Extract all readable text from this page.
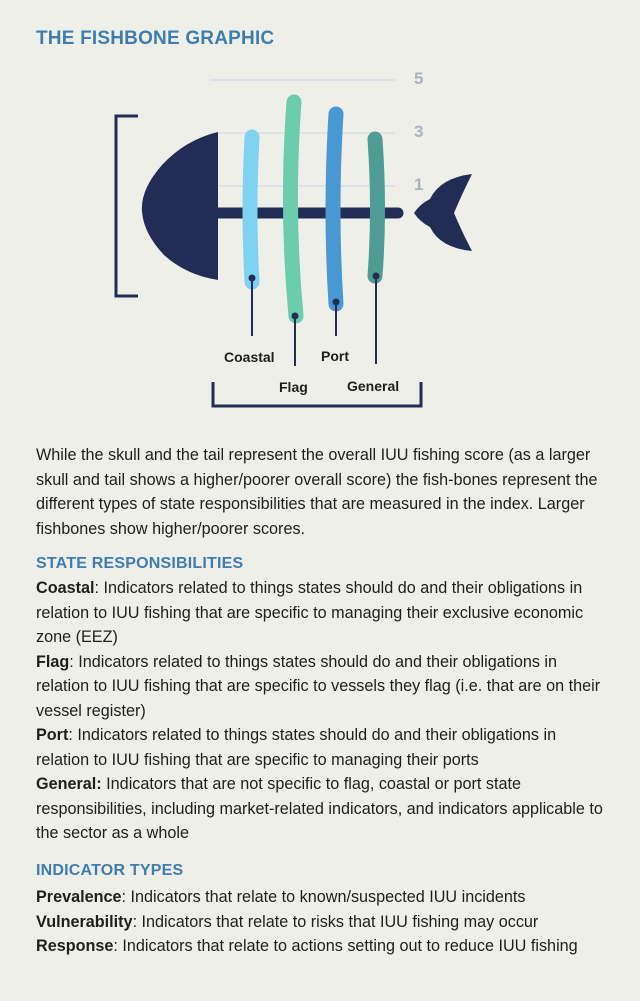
THE FISHBONE GRAPHIC
5
3
1
Coastal
Flag
Port
General
While the skull and the tail represent the overall IUU fishing score (as a larger skull and tail shows a higher/poorer overall score) the fish-bones represent the different types of state responsibilities that are measured in the index. Larger fishbones show higher/poorer scores.
STATE RESPONSIBILITIES
Coastal: Indicators related to things states should do and their obligations in relation to IUU fishing that are specific to managing their exclusive economic zone (EEZ)
Flag: Indicators related to things states should do and their obligations in relation to IUU fishing that are specific to vessels they flag (i.e. that are on their vessel register)
Port: Indicators related to things states should do and their obligations in relation to IUU fishing that are specific to managing their ports
General: Indicators that are not specific to flag, coastal or port state responsibilities, including market-related indicators, and indicators applicable to the sector as a whole
INDICATOR TYPES
Prevalence: Indicators that relate to known/suspected IUU incidents
Vulnerability: Indicators that relate to risks that IUU fishing may occur
Response: Indicators that relate to actions setting out to reduce IUU fishing
